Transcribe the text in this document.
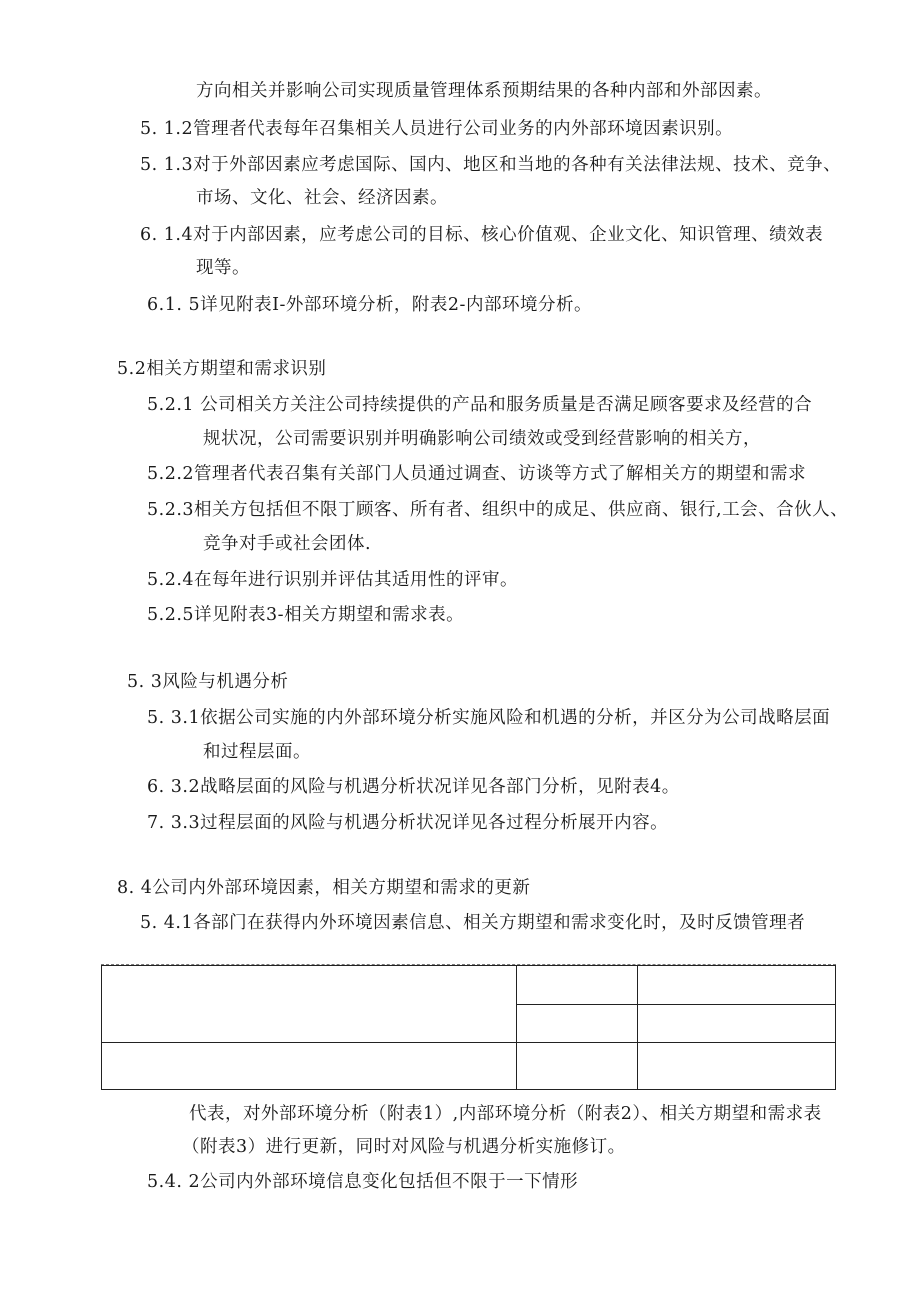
方向相关并影响公司实现质量管理体系预期结果的各种内部和外部因素。
5. 1.2管理者代表每年召集相关人员进行公司业务的内外部环境因素识别。
5. 1.3对于外部因素应考虑国际、国内、地区和当地的各种有关法律法规、技术、竞争、
市场、文化、社会、经济因素。
6. 1.4对于内部因素，应考虑公司的目标、核心价值观、企业文化、知识管理、绩效表
现等。
6.1. 5详见附表I-外部环境分析，附表2-内部环境分析。
5.2相关方期望和需求识别
5.2.1 公司相关方关注公司持续提供的产品和服务质量是否满足顾客要求及经营的合
规状况，公司需要识别并明确影响公司绩效或受到经营影响的相关方，
5.2.2管理者代表召集有关部门人员通过调查、访谈等方式了解相关方的期望和需求
5.2.3相关方包括但不限丁顾客、所有者、组织中的成足、供应商、银行,工会、合伙人、
竞争对手或社会团体.
5.2.4在每年进行识别并评估其适用性的评审。
5.2.5详见附表3-相关方期望和需求表。
5. 3风险与机遇分析
5. 3.1依据公司实施的内外部环境分析实施风险和机遇的分析，并区分为公司战略层面
和过程层面。
6. 3.2战略层面的风险与机遇分析状况详见各部门分析，见附表4。
7. 3.3过程层面的风险与机遇分析状况详见各过程分析展开内容。
8. 4公司内外部环境因素，相关方期望和需求的更新
5. 4.1各部门在获得内外环境因素信息、相关方期望和需求变化时，及时反馈管理者
代表，对外部环境分析（附表1）,内部环境分析（附表2）、相关方期望和需求表
（附表3）进行更新，同时对风险与机遇分析实施修订。
5.4. 2公司内外部环境信息变化包括但不限于一下情形
